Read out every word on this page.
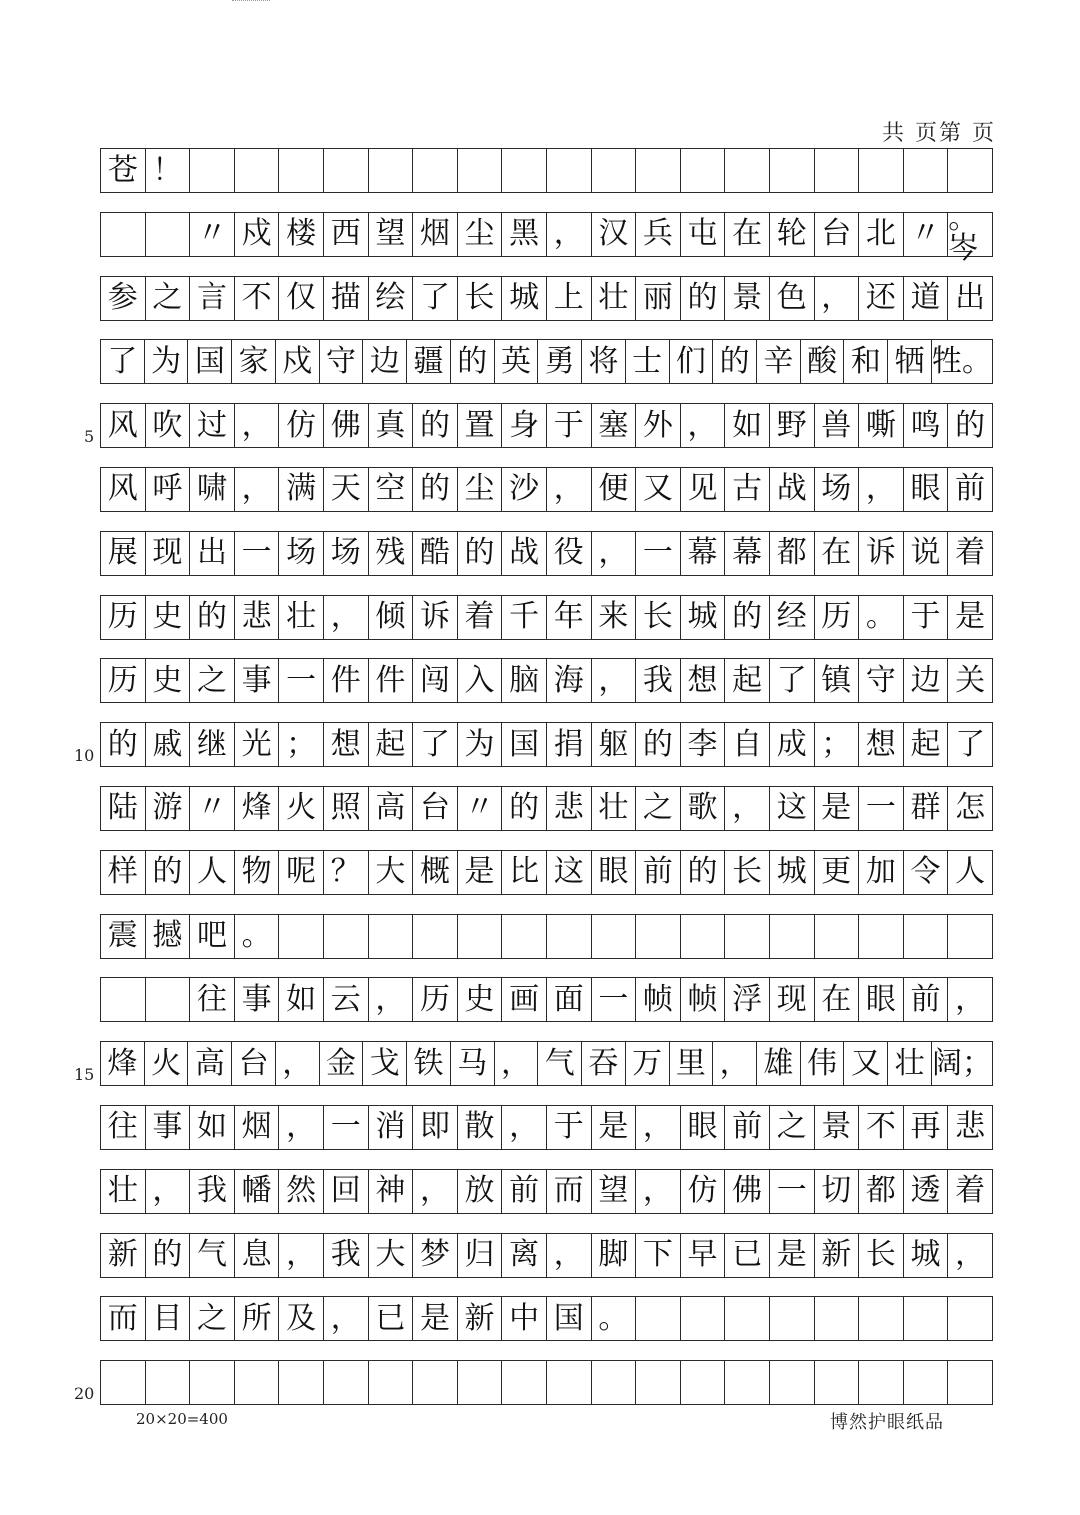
共 页第 页
苍 ！
〃 戍 楼 西 望 烟 尘 黑 ， 汉 兵 屯 在 轮 台 北 〃 。岑
参 之 言 不 仅 描 绘 了 长 城 上 壮 丽 的 景 色 ， 还 道 出
了 为 国 家 戍 守 边 疆 的 英 勇 将 士 们 的 辛 酸 和 牺 牲。
风 吹 过 ， 仿 佛 真 的 置 身 于 塞 外 ， 如 野 兽 嘶 鸣 的
风 呼 啸 ， 满 天 空 的 尘 沙 ， 便 又 见 古 战 场 ， 眼 前
展 现 出 一 场 场 残 酷 的 战 役 ， 一 幕 幕 都 在 诉 说 着
历 史 的 悲 壮 ， 倾 诉 着 千 年 来 长 城 的 经 历 。 于 是
历 史 之 事 一 件 件 闯 入 脑 海 ， 我 想 起 了 镇 守 边 关
的 戚 继 光 ； 想 起 了 为 国 捐 躯 的 李 自 成 ； 想 起 了
陆 游 〃 烽 火 照 高 台 〃 的 悲 壮 之 歌 ， 这 是 一 群 怎
样 的 人 物 呢 ？ 大 概 是 比 这 眼 前 的 长 城 更 加 令 人
震 撼 吧 。
往 事 如 云 ， 历 史 画 面 一 帧 帧 浮 现 在 眼 前 ，
烽 火 高 台 ， 金 戈 铁 马 ， 气 吞 万 里 ， 雄 伟 又 壮 阔；
往 事 如 烟 ， 一 消 即 散 ， 于 是 ， 眼 前 之 景 不 再 悲
壮 ， 我 幡 然 回 神 ， 放 前 而 望 ， 仿 佛 一 切 都 透 着
新 的 气 息 ， 我 大 梦 归 离 ， 脚 下 早 已 是 新 长 城 ，
而 目 之 所 及 ， 已 是 新 中 国 。
5
10
15
20
20×20=400	博然护眼纸品
